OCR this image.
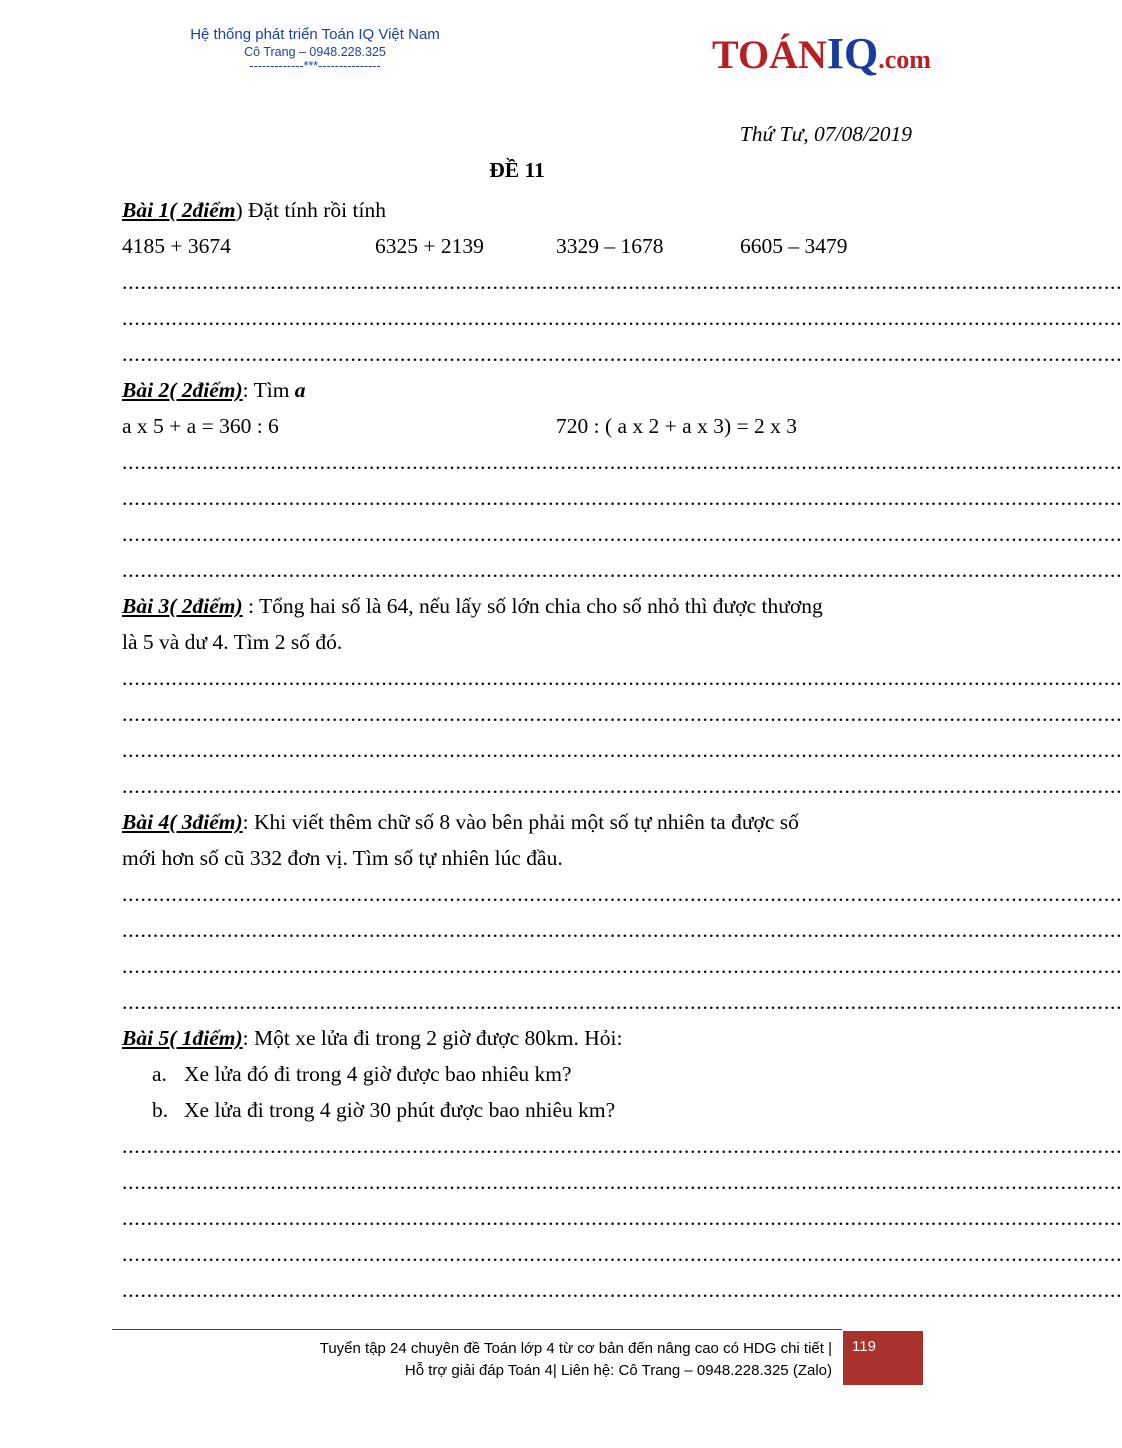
Hệ thống phát triển Toán IQ Việt Nam
Cô Trang – 0948.228.325
-------------***---------------	TOÁNIQ.com
Thứ Tư, 07/08/2019
ĐỀ 11
Bài 1( 2điểm) Đặt tính rồi tính
4185 + 3674	6325 + 2139	3329 – 1678	6605 – 3479
..................................................................................................................................................................
..................................................................................................................................................................
..................................................................................................................................................................
Bài 2( 2điểm): Tìm a
a x 5 + a = 360 : 6	720 : ( a x 2 + a x 3) = 2 x 3
..................................................................................................................................................................
..................................................................................................................................................................
..................................................................................................................................................................
..................................................................................................................................................................
Bài 3( 2điểm) : Tổng hai số là 64, nếu lấy số lớn chia cho số nhỏ thì được thương
là 5 và dư 4. Tìm 2 số đó.
..................................................................................................................................................................
..................................................................................................................................................................
..................................................................................................................................................................
..................................................................................................................................................................
Bài 4( 3điểm): Khi viết thêm chữ số 8 vào bên phải một số tự nhiên ta được số
mới hơn số cũ 332 đơn vị. Tìm số tự nhiên lúc đầu.
..................................................................................................................................................................
..................................................................................................................................................................
..................................................................................................................................................................
..................................................................................................................................................................
Bài 5( 1điểm): Một xe lửa đi trong 2 giờ được 80km. Hỏi:
a. Xe lửa đó đi trong 4 giờ được bao nhiêu km?
b. Xe lửa đi trong 4 giờ 30 phút được bao nhiêu km?
..................................................................................................................................................................
..................................................................................................................................................................
..................................................................................................................................................................
..................................................................................................................................................................
..................................................................................................................................................................
Tuyển tập 24 chuyên đề Toán lớp 4 từ cơ bản đến nâng cao có HDG chi tiết |
Hỗ trợ giải đáp Toán 4| Liên hệ: Cô Trang – 0948.228.325 (Zalo)
119
